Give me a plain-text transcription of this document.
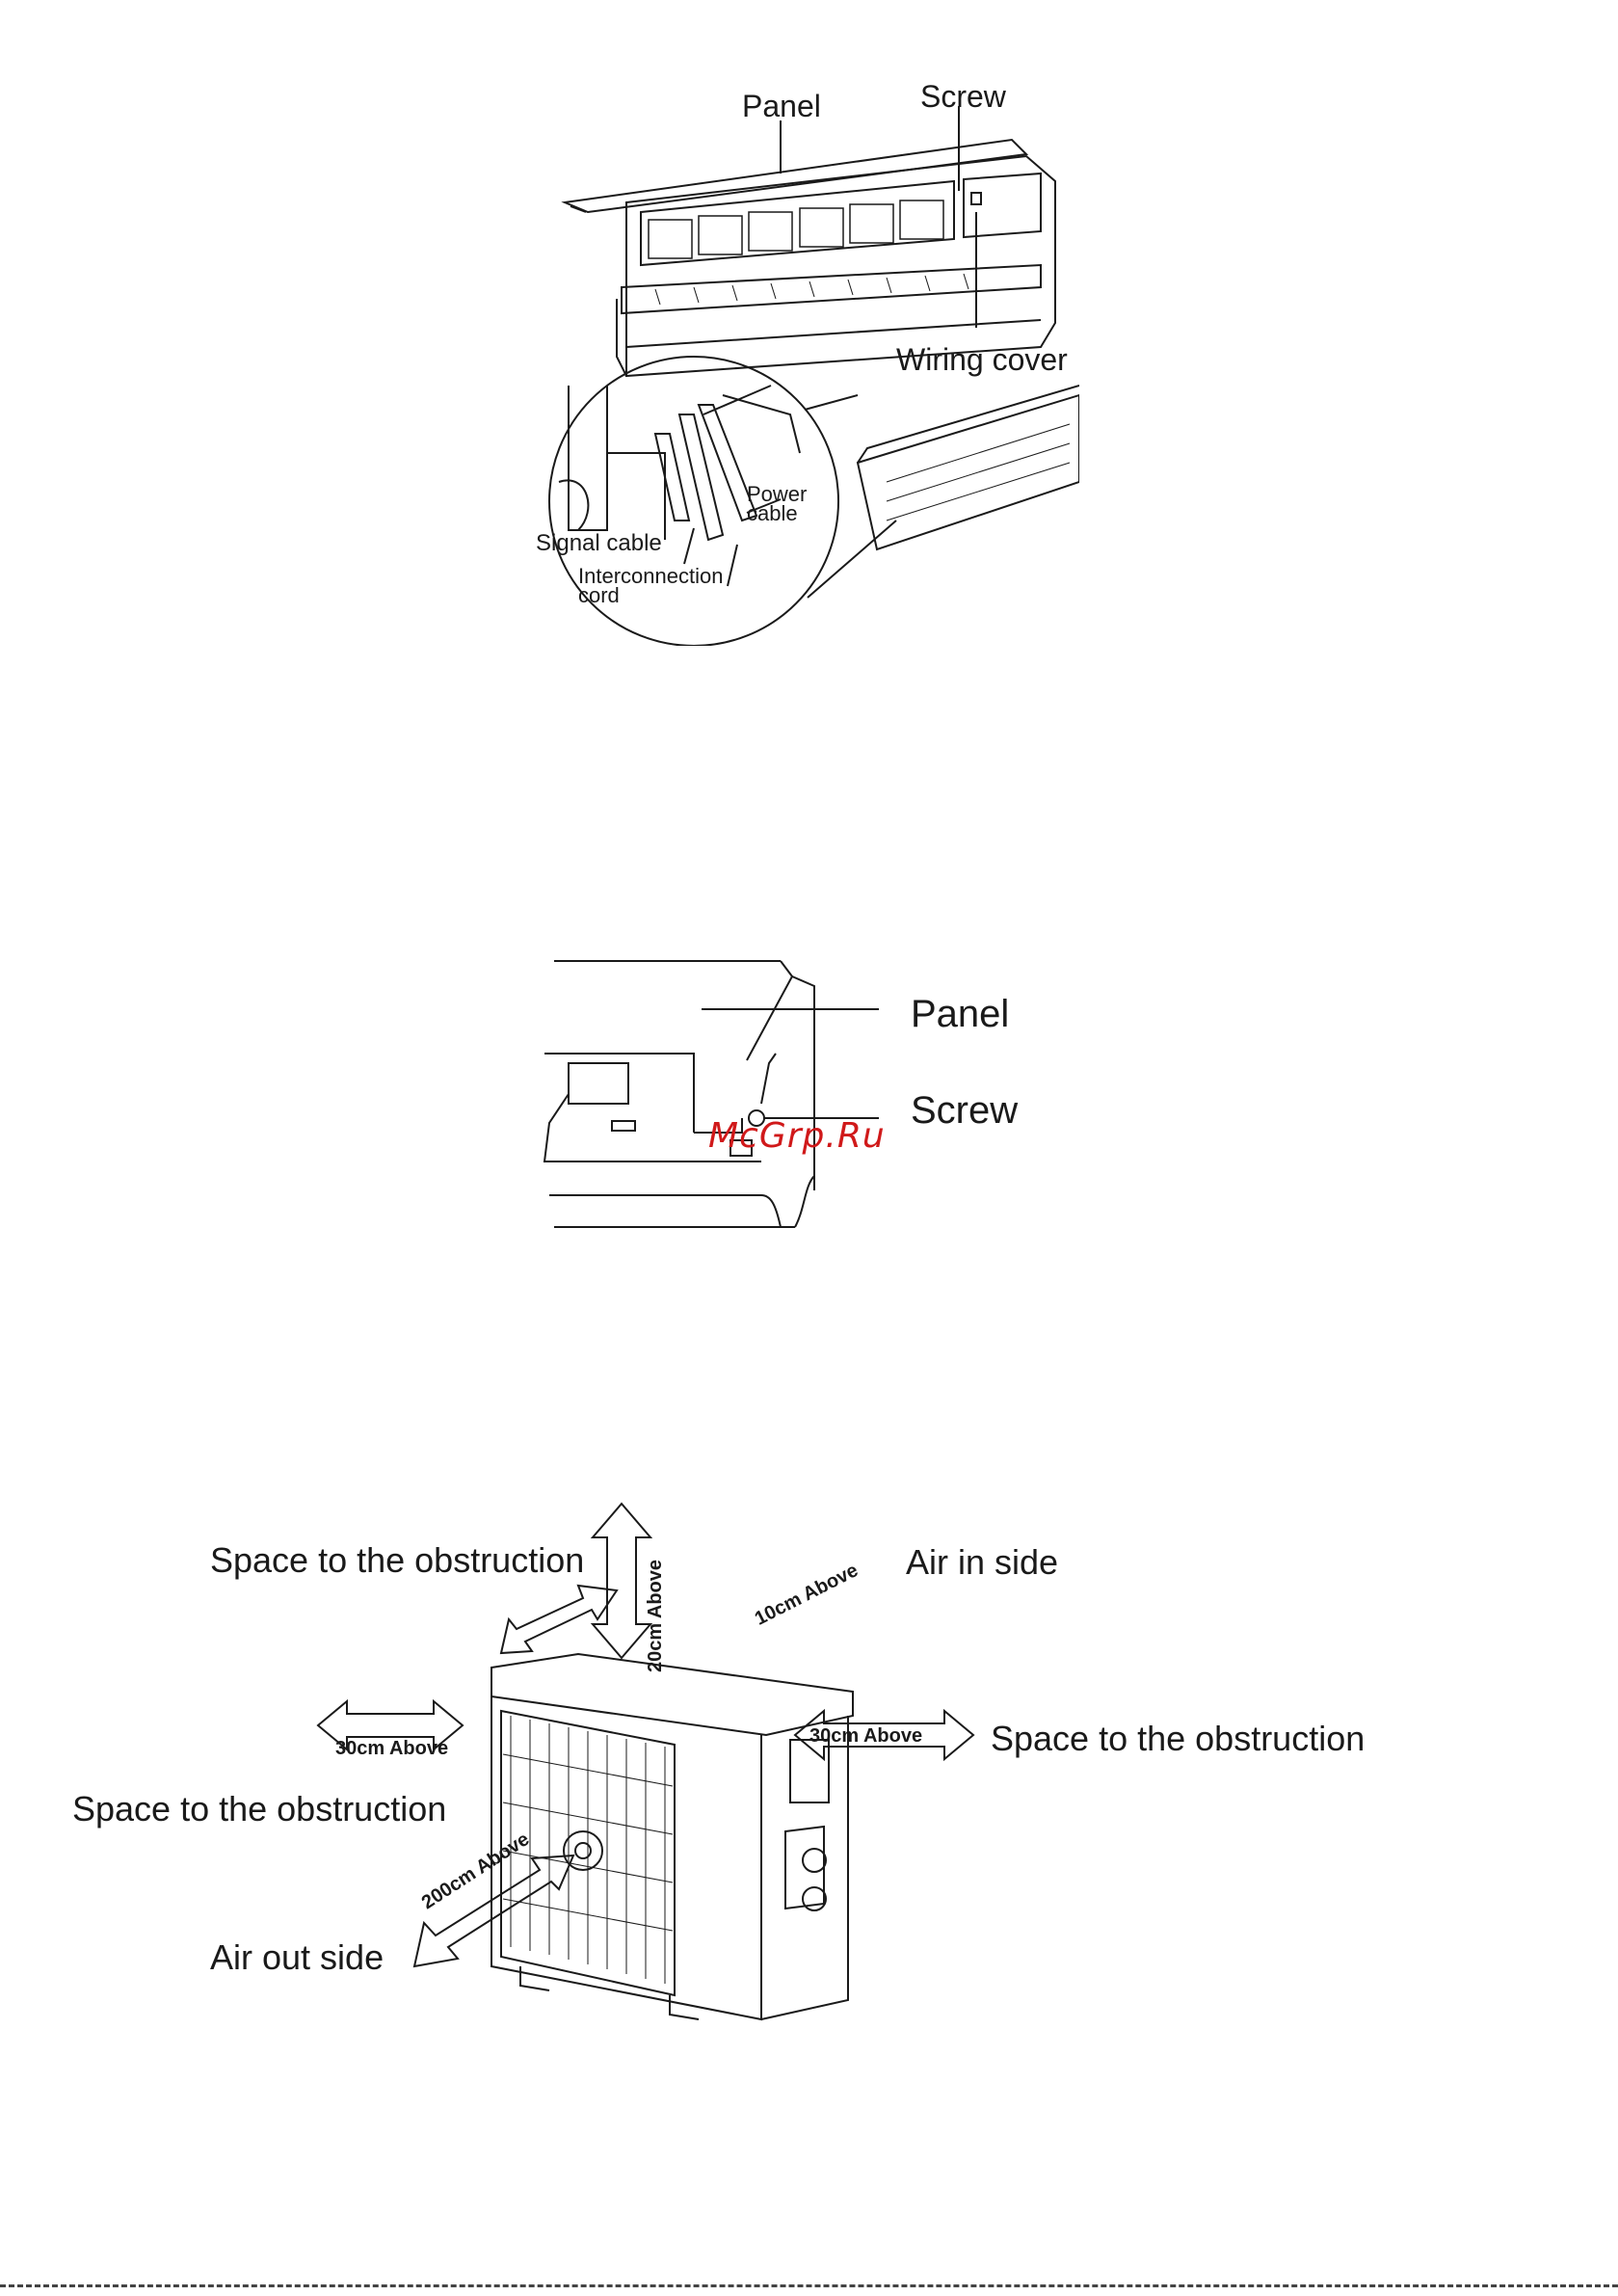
Panel	Screw
Wiring cover
Power
cable
Signal cable
Interconnection
cord
Panel
Screw
McGrp.Ru
Space to the obstruction	20cm Above	Air in side
10cm Above
30cm Above
Space to the obstruction
30cm Above Space to the obstruction
200cm Above
Air out side
